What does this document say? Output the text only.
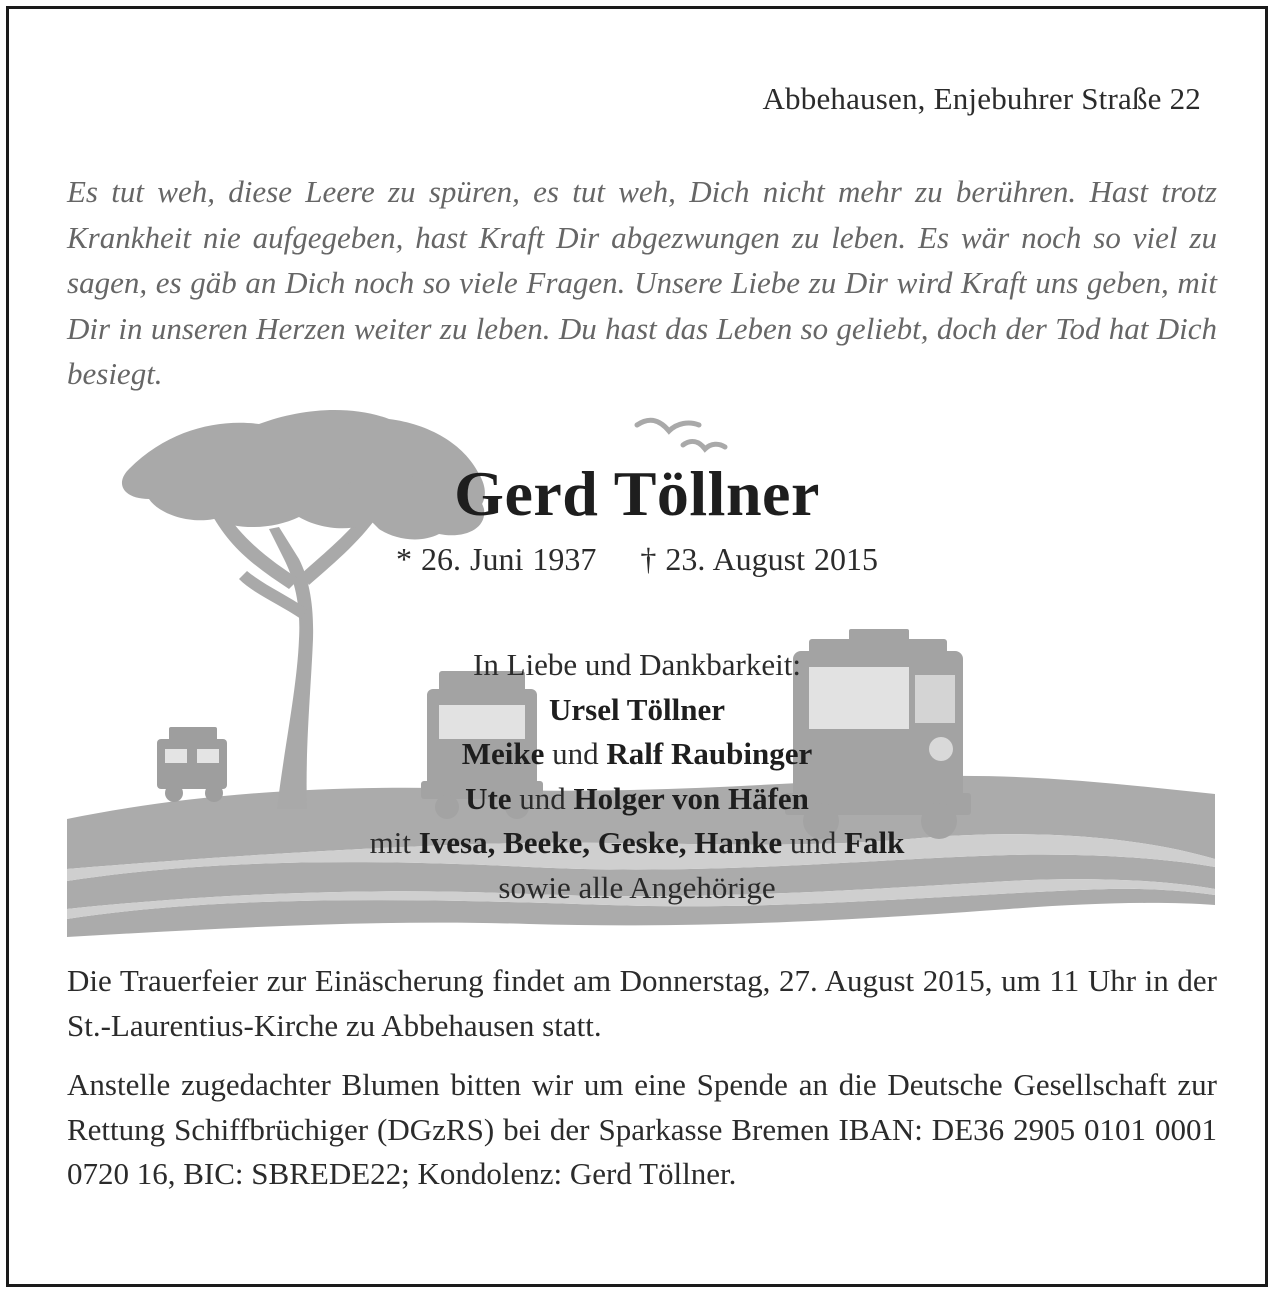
Abbehausen, Enjebuhrer Straße 22
Es tut weh, diese Leere zu spüren, es tut weh, Dich nicht mehr zu berühren. Hast trotz Krankheit nie aufgegeben, hast Kraft Dir abgezwungen zu leben. Es wär noch so viel zu sagen, es gäb an Dich noch so viele Fragen. Unsere Liebe zu Dir wird Kraft uns geben, mit Dir in unseren Herzen weiter zu leben. Du hast das Leben so geliebt, doch der Tod hat Dich besiegt.
Gerd Töllner
* 26. Juni 1937 † 23. August 2015
In Liebe und Dankbarkeit:
Ursel Töllner
Meike und Ralf Raubinger
Ute und Holger von Häfen
mit Ivesa, Beeke, Geske, Hanke und Falk
sowie alle Angehörige
Die Trauerfeier zur Einäscherung findet am Donnerstag, 27. August 2015, um 11 Uhr in der St.-Laurentius-Kirche zu Abbehausen statt.
Anstelle zugedachter Blumen bitten wir um eine Spende an die Deutsche Gesellschaft zur Rettung Schiffbrüchiger (DGzRS) bei der Sparkasse Bremen IBAN: DE36 2905 0101 0001 0720 16, BIC: SBREDE22; Kondolenz: Gerd Töllner.
